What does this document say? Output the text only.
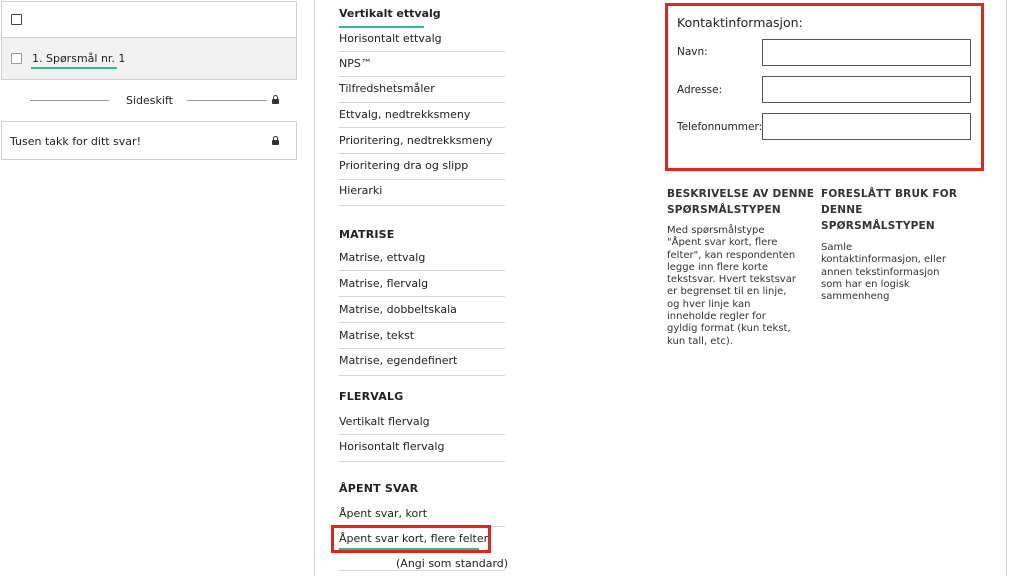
1. Spørsmål nr. 1
Sideskift
Tusen takk for ditt svar!
Vertikalt ettvalg
Horisontalt ettvalg
NPS™
Tilfredshetsmåler
Ettvalg, nedtrekksmeny
Prioritering, nedtrekksmeny
Prioritering dra og slipp
Hierarki
MATRISE
Matrise, ettvalg
Matrise, flervalg
Matrise, dobbeltskala
Matrise, tekst
Matrise, egendefinert
FLERVALG
Vertikalt flervalg
Horisontalt flervalg
ÅPENT SVAR
Åpent svar, kort
Åpent svar kort, flere felter
(Angi som standard)
Kontaktinformasjon:
Navn:
Adresse:
Telefonnummer:
BESKRIVELSE AV DENNE
SPØRSMÅLSTYPEN
Med spørsmålstype
"Åpent svar kort, flere
felter", kan respondenten
legge inn flere korte
tekstsvar. Hvert tekstsvar
er begrenset til en linje,
og hver linje kan
inneholde regler for
gyldig format (kun tekst,
kun tall, etc).
FORESLÅTT BRUK FOR
DENNE
SPØRSMÅLSTYPEN
Samle
kontaktinformasjon, eller
annen tekstinformasjon
som har en logisk
sammenheng
